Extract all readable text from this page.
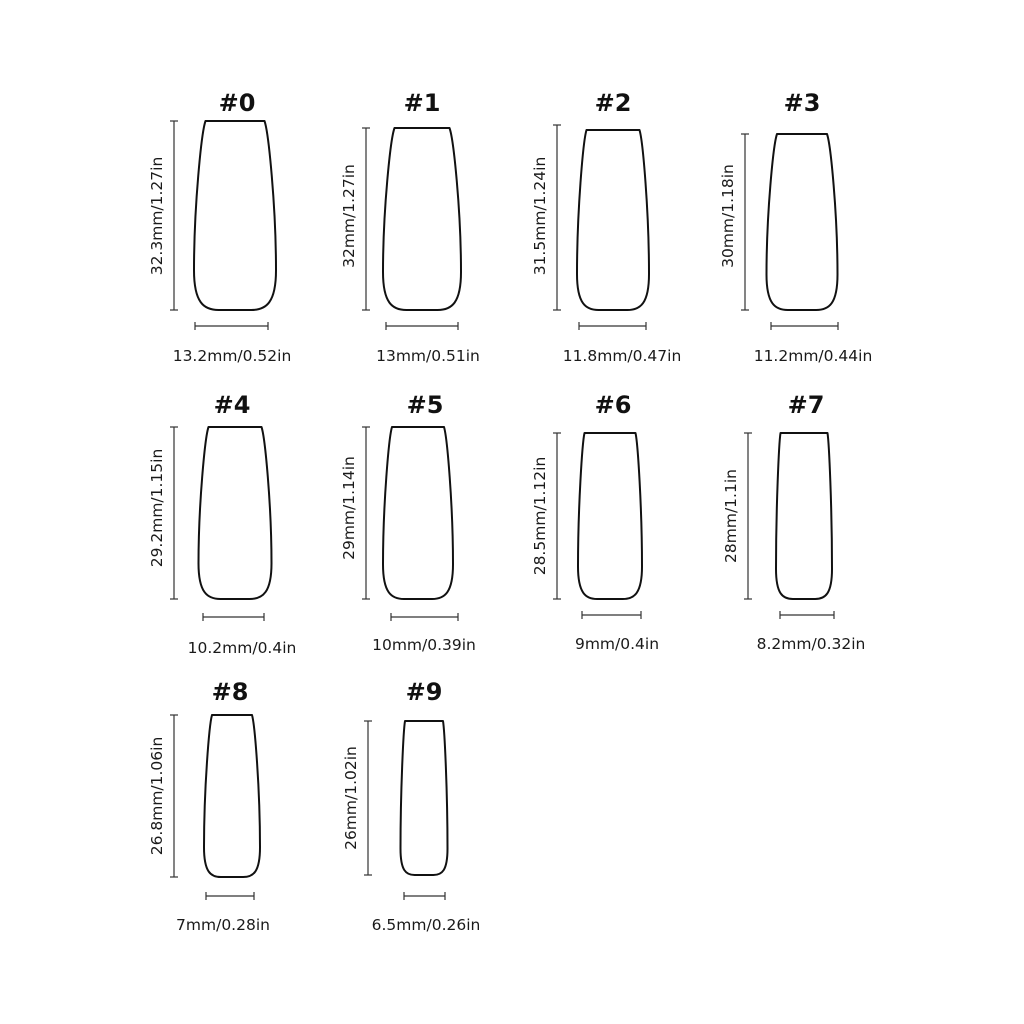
#0
32.3mm/1.27in
13.2mm/0.52in
#1
32mm/1.27in
13mm/0.51in
#2
31.5mm/1.24in
11.8mm/0.47in
#3
30mm/1.18in
11.2mm/0.44in
#4
29.2mm/1.15in
10.2mm/0.4in
#5
29mm/1.14in
10mm/0.39in
#6
28.5mm/1.12in
9mm/0.4in
#7
28mm/1.1in
8.2mm/0.32in
#8
26.8mm/1.06in
7mm/0.28in
#9
26mm/1.02in
6.5mm/0.26in
